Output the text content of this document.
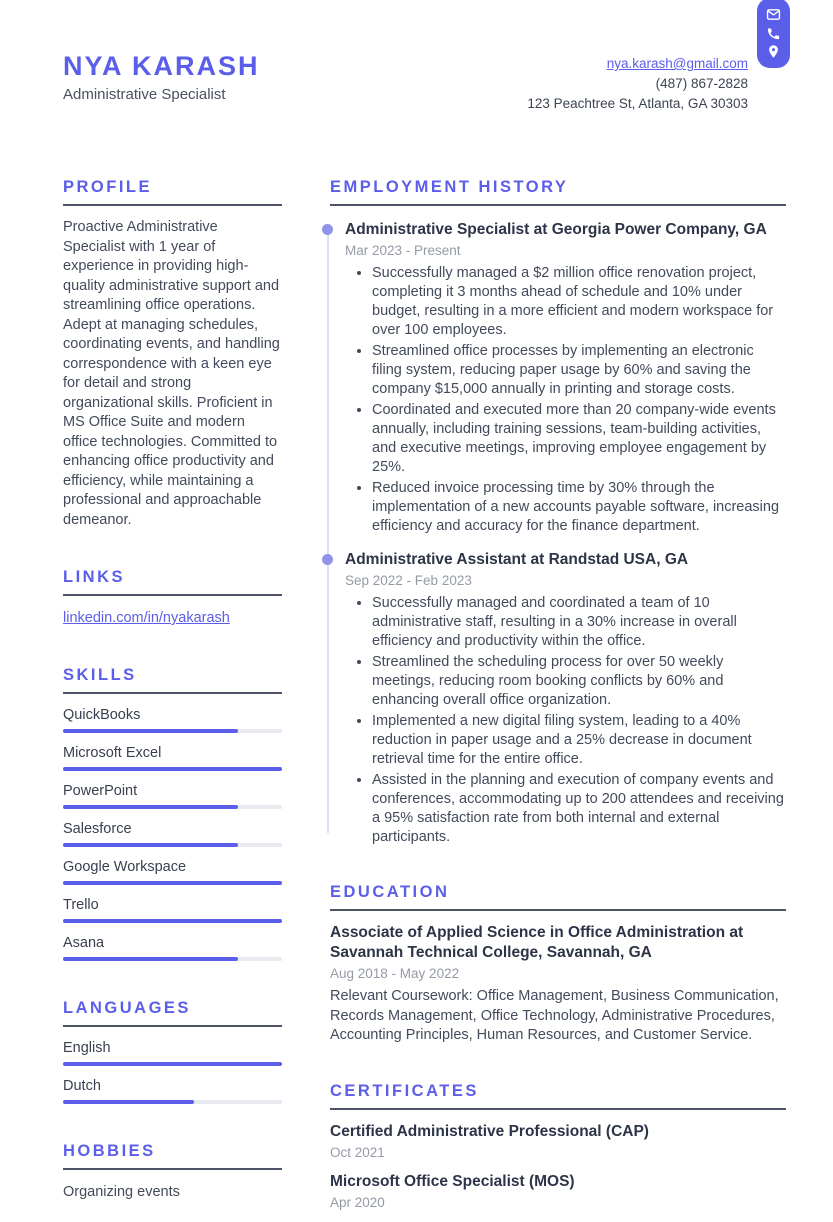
NYA KARASH
Administrative Specialist
nya.karash@gmail.com
(487) 867-2828
123 Peachtree St, Atlanta, GA 30303
PROFILE

Proactive Administrative Specialist with 1 year of experience in providing high-quality administrative support and streamlining office operations. Adept at managing schedules, coordinating events, and handling correspondence with a keen eye for detail and strong organizational skills. Proficient in MS Office Suite and modern office technologies. Committed to enhancing office productivity and efficiency, while maintaining a professional and approachable demeanor.

LINKS
linkedin.com/in/nyakarash
SKILLS
QuickBooks
Microsoft Excel
PowerPoint
Salesforce
Google Workspace
Trello
Asana
LANGUAGES
English
Dutch
HOBBIES
Organizing events
EMPLOYMENT HISTORY
Administrative Specialist at Georgia Power Company, GA
Mar 2023 - Present
• Successfully managed a $2 million office renovation project, completing it 3 months ahead of schedule and 10% under budget, resulting in a more efficient and modern workspace for over 100 employees.
• Streamlined office processes by implementing an electronic filing system, reducing paper usage by 60% and saving the company $15,000 annually in printing and storage costs.
• Coordinated and executed more than 20 company-wide events annually, including training sessions, team-building activities, and executive meetings, improving employee engagement by 25%.
• Reduced invoice processing time by 30% through the implementation of a new accounts payable software, increasing efficiency and accuracy for the finance department.
Administrative Assistant at Randstad USA, GA
Sep 2022 - Feb 2023
• Successfully managed and coordinated a team of 10 administrative staff, resulting in a 30% increase in overall efficiency and productivity within the office.
• Streamlined the scheduling process for over 50 weekly meetings, reducing room booking conflicts by 60% and enhancing overall office organization.
• Implemented a new digital filing system, leading to a 40% reduction in paper usage and a 25% decrease in document retrieval time for the entire office.
• Assisted in the planning and execution of company events and conferences, accommodating up to 200 attendees and receiving a 95% satisfaction rate from both internal and external participants.
EDUCATION
Associate of Applied Science in Office Administration at Savannah Technical College, Savannah, GA
Aug 2018 - May 2022

Relevant Coursework: Office Management, Business Communication, Records Management, Office Technology, Administrative Procedures, Accounting Principles, Human Resources, and Customer Service.

CERTIFICATES
Certified Administrative Professional (CAP)
Oct 2021
Microsoft Office Specialist (MOS)
Apr 2020
